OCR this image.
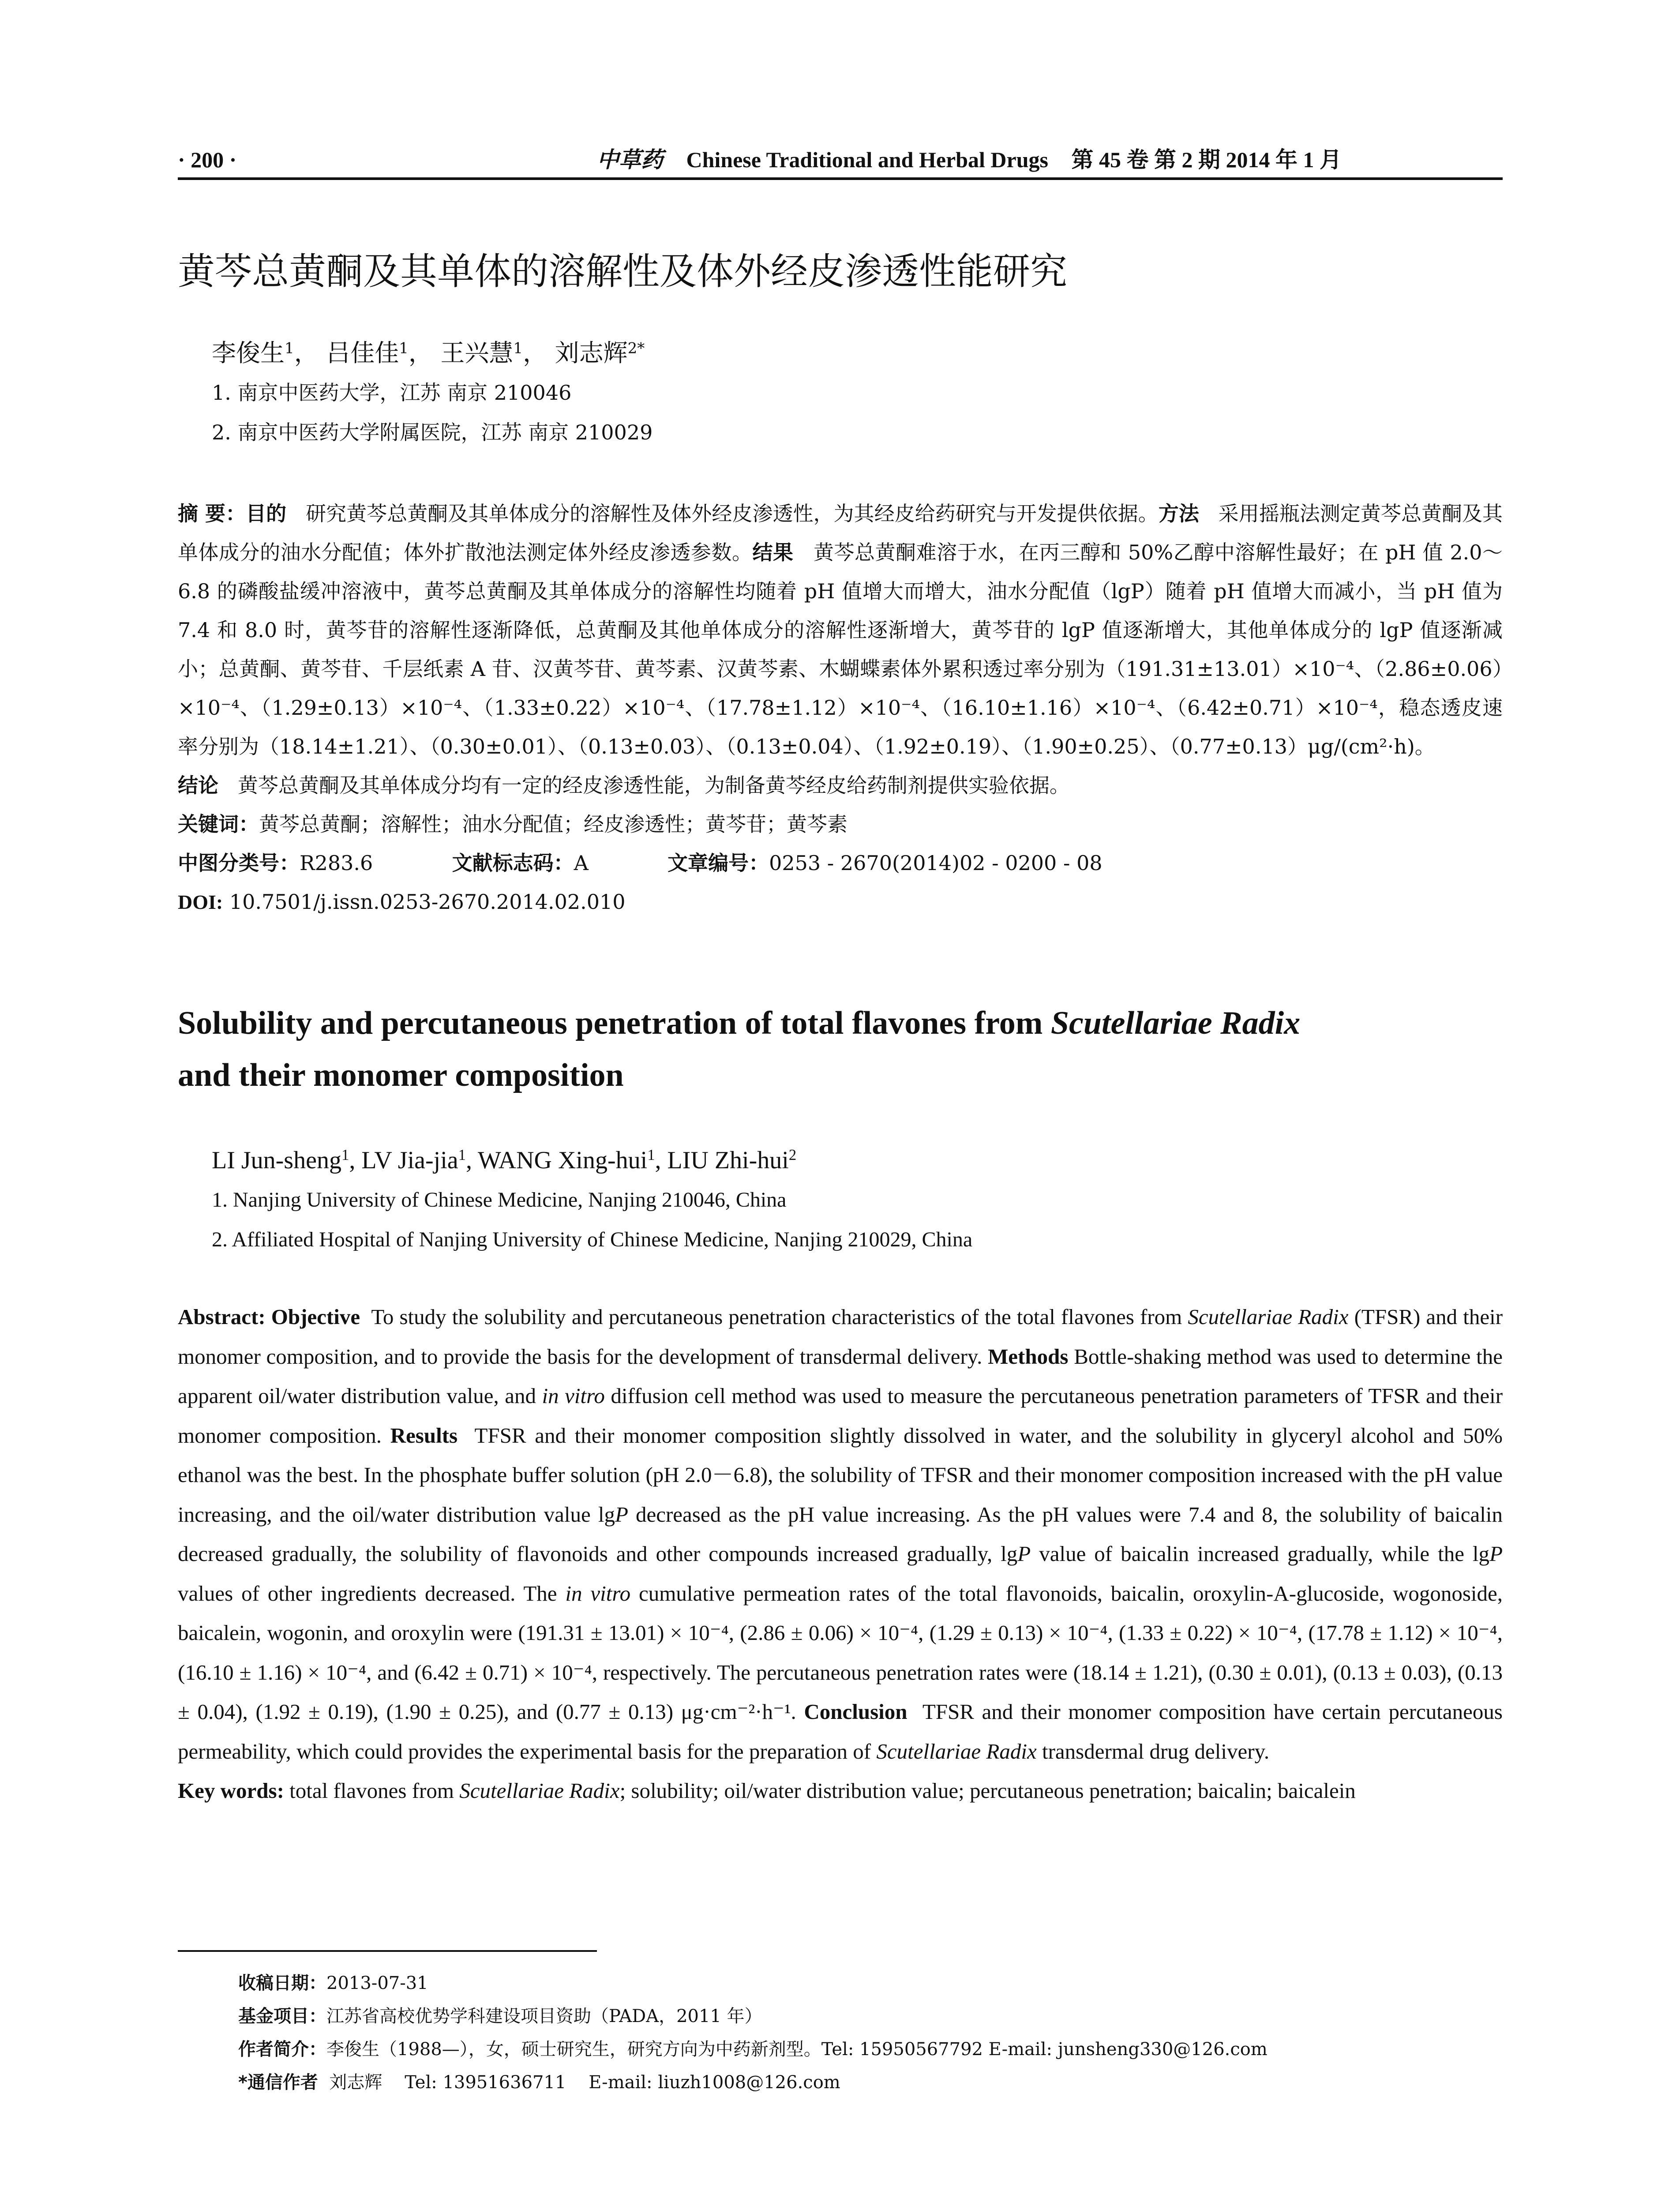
· 200 ·	中草药 Chinese Traditional and Herbal Drugs 第 45 卷 第 2 期 2014 年 1 月
黄芩总黄酮及其单体的溶解性及体外经皮渗透性能研究
李俊生$^1$， 吕佳佳$^1$， 王兴慧$^1$， 刘志辉$^{2*}$
1. 南京中医药大学，江苏 南京 210046
2. 南京中医药大学附属医院，江苏 南京 210029
摘 要：目的 研究黄芩总黄酮及其单体成分的溶解性及体外经皮渗透性，为其经皮给药研究与开发提供依据。方法 采用摇瓶法测定黄芩总黄酮及其单体成分的油水分配值；体外扩散池法测定体外经皮渗透参数。结果 黄芩总黄酮难溶于水，在丙三醇和 50%乙醇中溶解性最好；在 pH 值 2.0～6.8 的磷酸盐缓冲溶液中，黄芩总黄酮及其单体成分的溶解性均随着 pH 值增大而增大，油水分配值（lgP）随着 pH 值增大而减小，当 pH 值为 7.4 和 8.0 时，黄芩苷的溶解性逐渐降低，总黄酮及其他单体成分的溶解性逐渐增大，黄芩苷的 lgP 值逐渐增大，其他单体成分的 lgP 值逐渐减小；总黄酮、黄芩苷、千层纸素 A 苷、汉黄芩苷、黄芩素、汉黄芩素、木蝴蝶素体外累积透过率分别为（191.31±13.01）×10⁻⁴、（2.86±0.06）×10⁻⁴、（1.29±0.13）×10⁻⁴、（1.33±0.22）×10⁻⁴、（17.78±1.12）×10⁻⁴、（16.10±1.16）×10⁻⁴、（6.42±0.71）×10⁻⁴，稳态透皮速率分别为（18.14±1.21）、（0.30±0.01）、（0.13±0.03）、（0.13±0.04）、（1.92±0.19）、（1.90±0.25）、（0.77±0.13）μg/(cm²·h)。
结论 黄芩总黄酮及其单体成分均有一定的经皮渗透性能，为制备黄芩经皮给药制剂提供实验依据。
关键词：黄芩总黄酮；溶解性；油水分配值；经皮渗透性；黄芩苷；黄芩素
中图分类号：R283.6	文献标志码：A	文章编号：0253 - 2670(2014)02 - 0200 - 08
DOI: 10.7501/j.issn.0253-2670.2014.02.010
Solubility and percutaneous penetration of total flavones from Scutellariae Radix
and their monomer composition
LI Jun-sheng$^1$, LV Jia-jia$^1$, WANG Xing-hui$^1$, LIU Zhi-hui$^2$
1. Nanjing University of Chinese Medicine, Nanjing 210046, China
2. Affiliated Hospital of Nanjing University of Chinese Medicine, Nanjing 210029, China
Abstract: Objective To study the solubility and percutaneous penetration characteristics of the total flavones from Scutellariae Radix (TFSR) and their monomer composition, and to provide the basis for the development of transdermal delivery. Methods Bottle-shaking method was used to determine the apparent oil/water distribution value, and in vitro diffusion cell method was used to measure the percutaneous penetration parameters of TFSR and their monomer composition. Results TFSR and their monomer composition slightly dissolved in water, and the solubility in glyceryl alcohol and 50% ethanol was the best. In the phosphate buffer solution (pH 2.0－6.8), the solubility of TFSR and their monomer composition increased with the pH value increasing, and the oil/water distribution value lgP decreased as the pH value increasing. As the pH values were 7.4 and 8, the solubility of baicalin decreased gradually, the solubility of flavonoids and other compounds increased gradually, lgP value of baicalin increased gradually, while the lgP values of other ingredients decreased. The in vitro cumulative permeation rates of the total flavonoids, baicalin, oroxylin-A-glucoside, wogonoside, baicalein, wogonin, and oroxylin were (191.31 ± 13.01) × 10⁻⁴, (2.86 ± 0.06) × 10⁻⁴, (1.29 ± 0.13) × 10⁻⁴, (1.33 ± 0.22) × 10⁻⁴, (17.78 ± 1.12) × 10⁻⁴, (16.10 ± 1.16) × 10⁻⁴, and (6.42 ± 0.71) × 10⁻⁴, respectively. The percutaneous penetration rates were (18.14 ± 1.21), (0.30 ± 0.01), (0.13 ± 0.03), (0.13 ± 0.04), (1.92 ± 0.19), (1.90 ± 0.25), and (0.77 ± 0.13) μg·cm⁻²·h⁻¹. Conclusion TFSR and their monomer composition have certain percutaneous permeability, which could provides the experimental basis for the preparation of Scutellariae Radix transdermal drug delivery.
Key words: total flavones from Scutellariae Radix; solubility; oil/water distribution value; percutaneous penetration; baicalin; baicalein
收稿日期：2013-07-31
基金项目：江苏省高校优势学科建设项目资助（PADA，2011 年）
作者简介：李俊生（1988—），女，硕士研究生，研究方向为中药新剂型。Tel: 15950567792 E-mail: junsheng330@126.com
*通信作者  刘志辉    Tel: 13951636711    E-mail: liuzh1008@126.com
